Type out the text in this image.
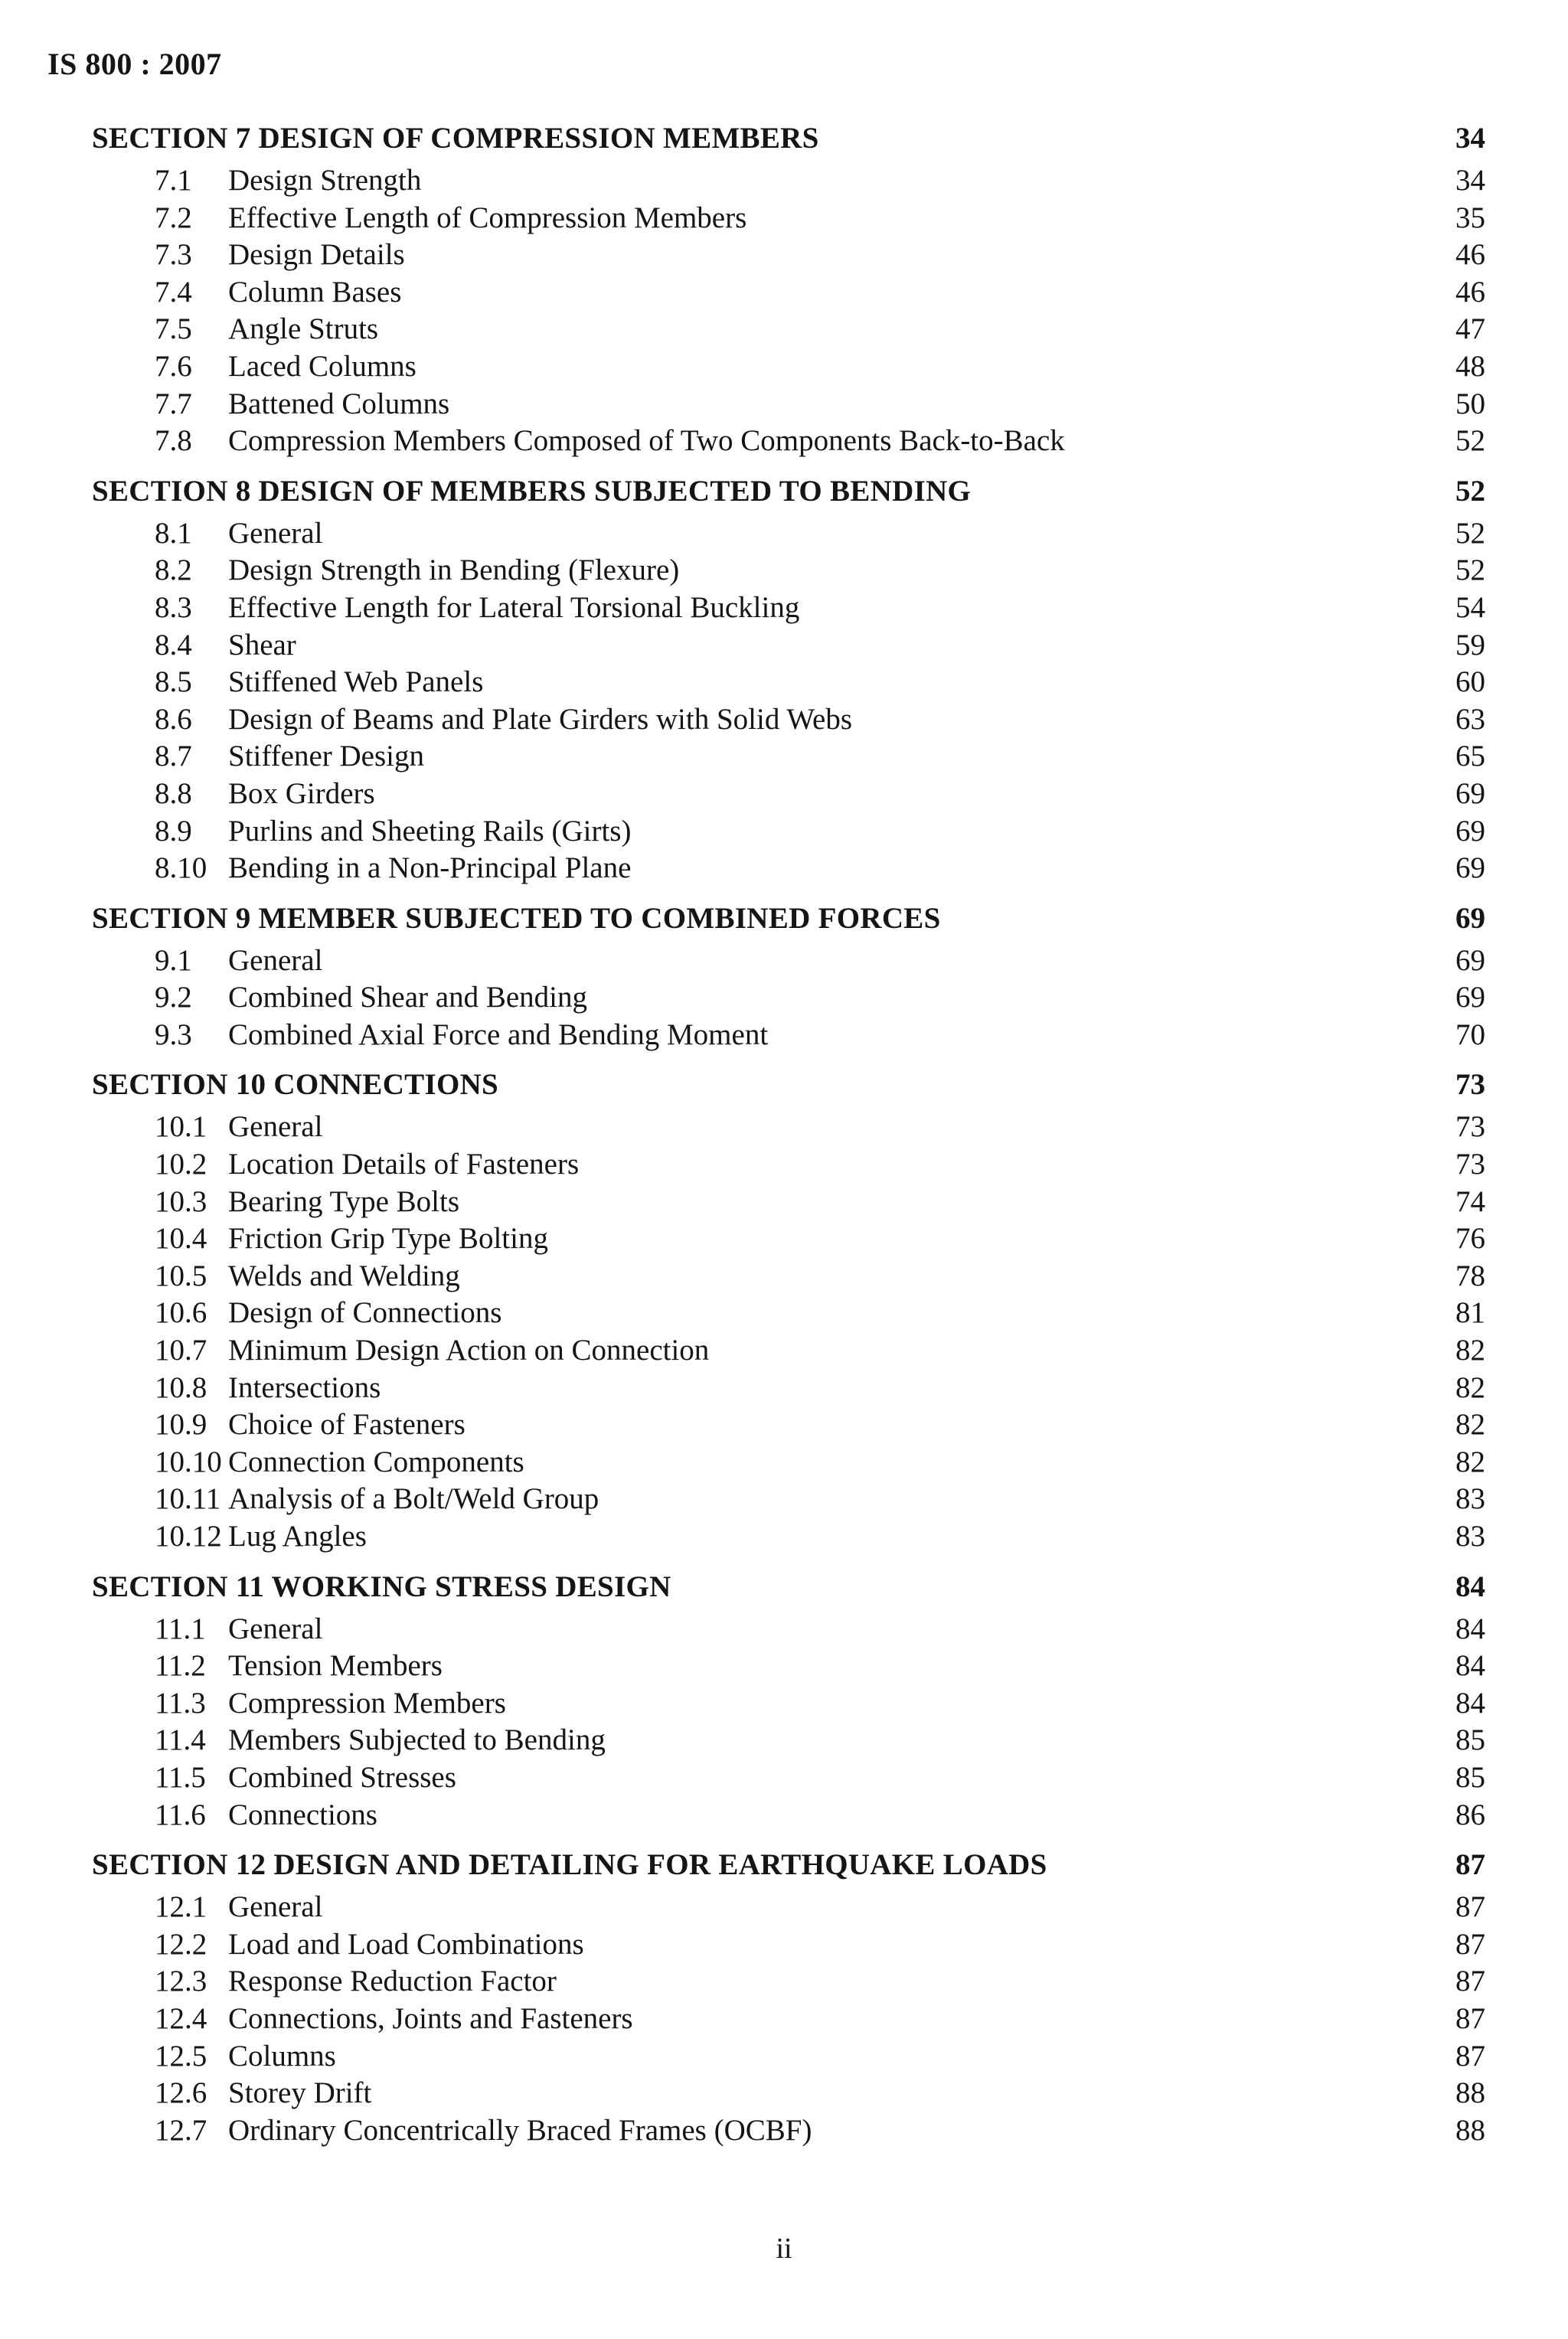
IS 800 : 2007
SECTION 7 DESIGN OF COMPRESSION MEMBERS	34
7.1	Design Strength	34
7.2	Effective Length of Compression Members	35
7.3	Design Details	46
7.4	Column Bases	46
7.5	Angle Struts	47
7.6	Laced Columns	48
7.7	Battened Columns	50
7.8	Compression Members Composed of Two Components Back-to-Back	52
SECTION 8 DESIGN OF MEMBERS SUBJECTED TO BENDING	52
8.1	General	52
8.2	Design Strength in Bending (Flexure)	52
8.3	Effective Length for Lateral Torsional Buckling	54
8.4	Shear	59
8.5	Stiffened Web Panels	60
8.6	Design of Beams and Plate Girders with Solid Webs	63
8.7	Stiffener Design	65
8.8	Box Girders	69
8.9	Purlins and Sheeting Rails (Girts)	69
8.10 Bending in a Non-Principal Plane	69
SECTION 9 MEMBER SUBJECTED TO COMBINED FORCES	69
9.1	General	69
9.2	Combined Shear and Bending	69
9.3	Combined Axial Force and Bending Moment	70
SECTION 10 CONNECTIONS	73
10.1 General	73
10.2 Location Details of Fasteners	73
10.3 Bearing Type Bolts	74
10.4 Friction Grip Type Bolting	76
10.5 Welds and Welding	78
10.6 Design of Connections	81
10.7 Minimum Design Action on Connection	82
10.8 Intersections	82
10.9 Choice of Fasteners	82
10.10 Connection Components	82
10.11 Analysis of a Bolt/Weld Group	83
10.12 Lug Angles	83
SECTION 11 WORKING STRESS DESIGN	84
11.1 General	84
11.2 Tension Members	84
11.3 Compression Members	84
11.4 Members Subjected to Bending	85
11.5 Combined Stresses	85
11.6 Connections	86
SECTION 12 DESIGN AND DETAILING FOR EARTHQUAKE LOADS	87
12.1 General	87
12.2 Load and Load Combinations	87
12.3 Response Reduction Factor	87
12.4 Connections, Joints and Fasteners	87
12.5 Columns	87
12.6 Storey Drift	88
12.7 Ordinary Concentrically Braced Frames (OCBF)	88
ii
